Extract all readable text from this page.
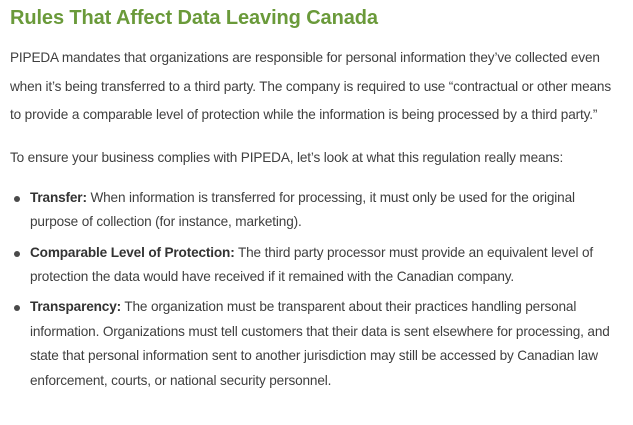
Rules That Affect Data Leaving Canada

PIPEDA mandates that organizations are responsible for personal information they’ve collected even when it’s being transferred to a third party. The company is required to use “contractual or other means to provide a comparable level of protection while the information is being processed by a third party.”

To ensure your business complies with PIPEDA, let’s look at what this regulation really means:

Transfer: When information is transferred for processing, it must only be used for the original purpose of collection (for instance, marketing).
Comparable Level of Protection: The third party processor must provide an equivalent level of protection the data would have received if it remained with the Canadian company.
Transparency: The organization must be transparent about their practices handling personal information. Organizations must tell customers that their data is sent elsewhere for processing, and state that personal information sent to another jurisdiction may still be accessed by Canadian law enforcement, courts, or national security personnel.
